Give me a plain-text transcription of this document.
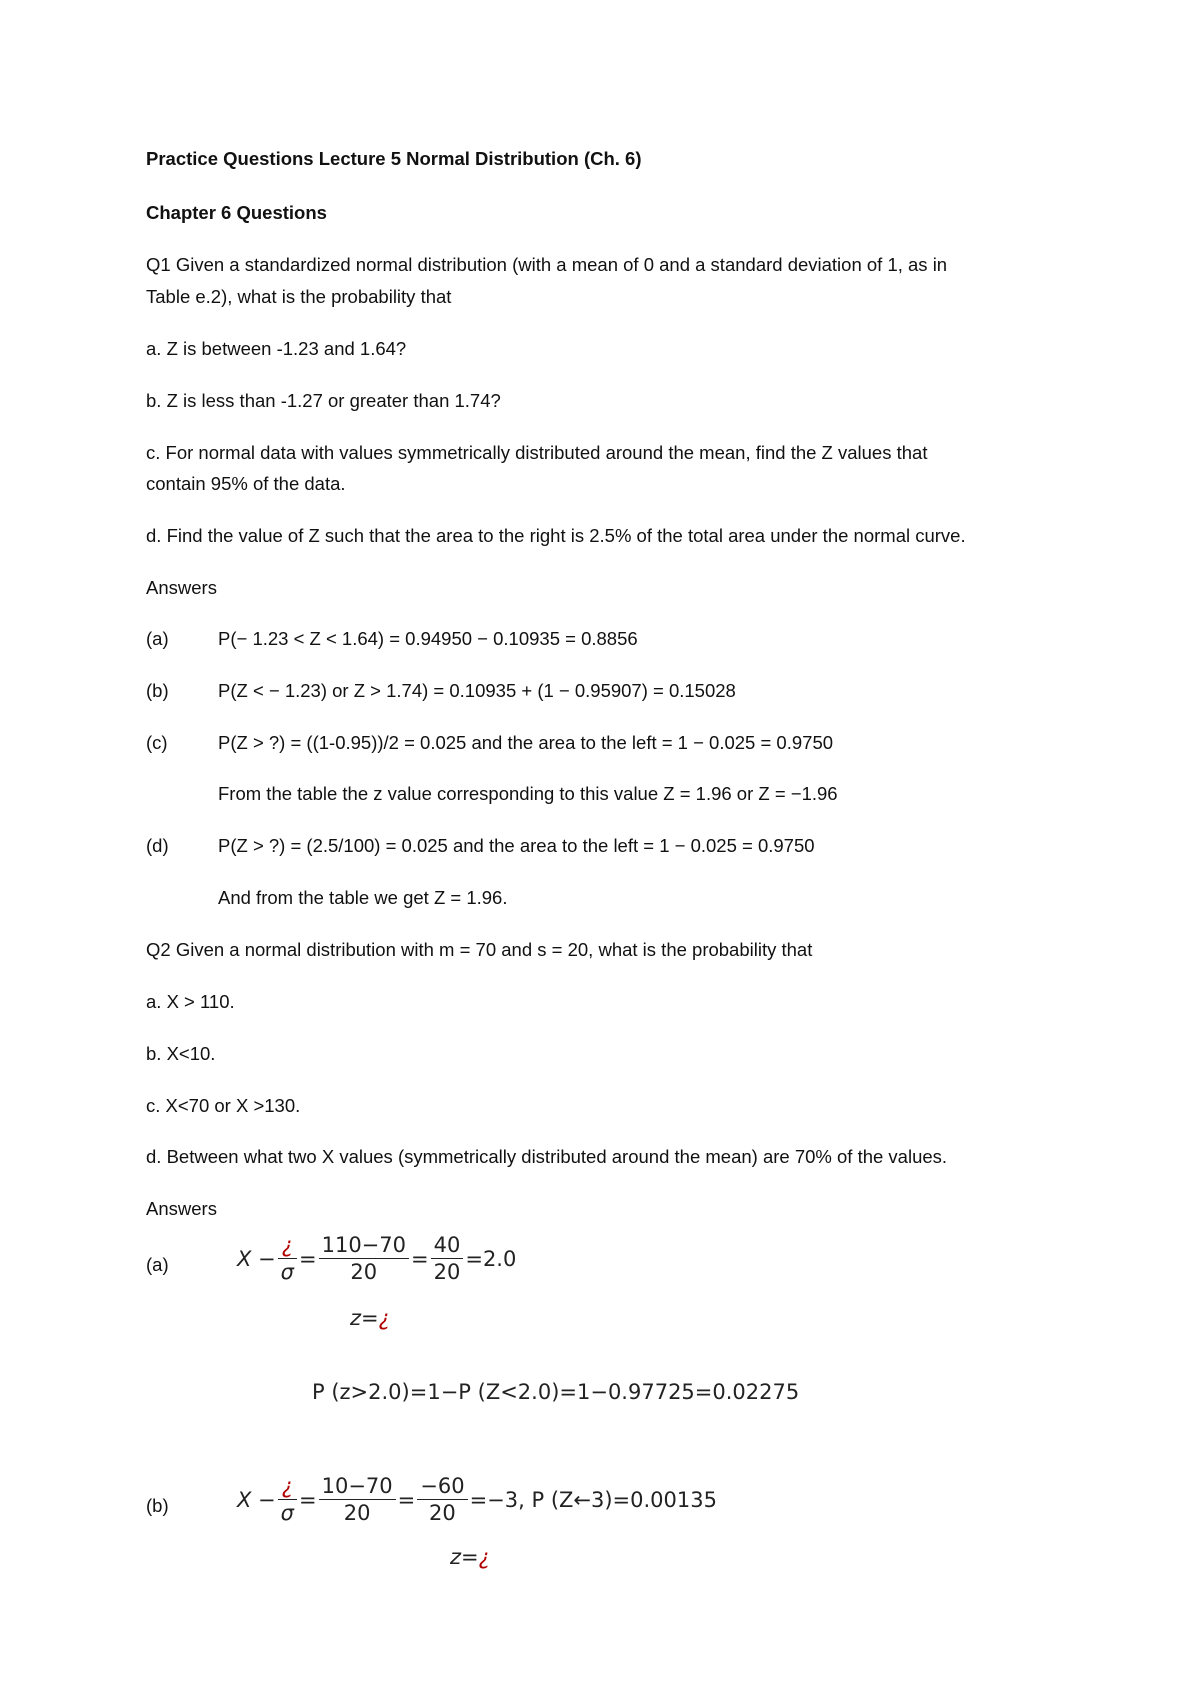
Practice Questions Lecture 5 Normal Distribution (Ch. 6)
Chapter 6 Questions
Q1 Given a standardized normal distribution (with a mean of 0 and a standard deviation of 1, as in
Table e.2), what is the probability that
a. Z is between -1.23 and 1.64?
b. Z is less than -1.27 or greater than 1.74?
c. For normal data with values symmetrically distributed around the mean, find the Z values that
contain 95% of the data.
d. Find the value of Z such that the area to the right is 2.5% of the total area under the normal curve.
Answers
(a)	P(− 1.23 < Z < 1.64) = 0.94950 − 0.10935 = 0.8856
(b)	P(Z < − 1.23) or Z > 1.74) = 0.10935 + (1 − 0.95907) = 0.15028
(c)	P(Z > ?) = ((1-0.95))/2 = 0.025 and the area to the left = 1 − 0.025 = 0.9750
From the table the z value corresponding to this value Z = 1.96 or Z = −1.96
(d)	P(Z > ?) = (2.5/100) = 0.025 and the area to the left = 1 − 0.025 = 0.9750
And from the table we get Z = 1.96.
Q2 Given a normal distribution with m = 70 and s = 20, what is the probability that
a. X > 110.
b. X<10.
c. X<70 or X >130.
d. Between what two X values (symmetrically distributed around the mean) are 70% of the values.
Answers
(a)	$X - \frac{¿}{\sigma} = \frac{110-70}{20} = \frac{40}{20} =2.0$
z=¿
P (z>2.0)=1−P (Z<2.0)=1−0.97725=0.02275
(b)	$X - \frac{¿}{\sigma} = \frac{10-70}{20} = \frac{-60}{20} =-3$, P (Z←3)=0.00135
z=¿
